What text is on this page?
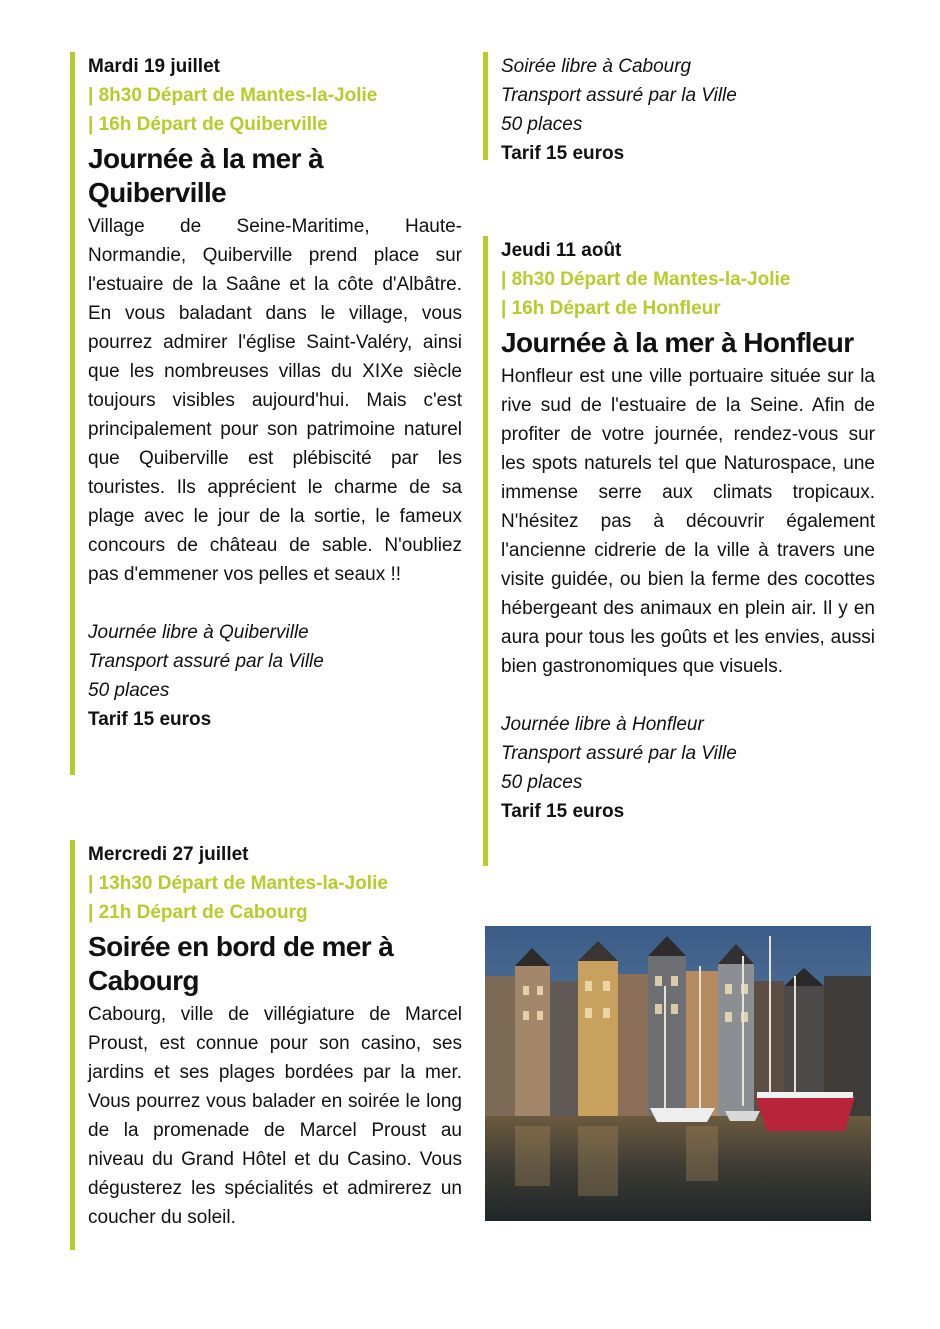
Mardi 19 juillet
| 8h30 Départ de Mantes-la-Jolie
| 16h Départ de Quiberville
Journée à la mer à
Quiberville
Village de Seine-Maritime, Haute-Normandie, Quiberville prend place sur l'estuaire de la Saâne et la côte d'Albâtre. En vous baladant dans le village, vous pourrez admirer l'église Saint-Valéry, ainsi que les nombreuses villas du XIXe siècle toujours visibles aujourd'hui. Mais c'est principalement pour son patrimoine naturel que Quiberville est plébiscité par les touristes. Ils apprécient le charme de sa plage avec le jour de la sortie, le fameux concours de château de sable. N'oubliez pas d'emmener vos pelles et seaux !!
Journée libre à Quiberville
Transport assuré par la Ville
50 places
Tarif 15 euros
Mercredi 27 juillet
| 13h30 Départ de Mantes-la-Jolie
| 21h Départ de Cabourg
Soirée en bord de mer à
Cabourg
Cabourg, ville de villégiature de Marcel Proust, est connue pour son casino, ses jardins et ses plages bordées par la mer. Vous pourrez vous balader en soirée le long de la promenade de Marcel Proust au niveau du Grand Hôtel et du Casino. Vous dégusterez les spécialités et admirerez un coucher du soleil.
Soirée libre à Cabourg
Transport assuré par la Ville
50 places
Tarif 15 euros
Jeudi 11 août
| 8h30 Départ de Mantes-la-Jolie
| 16h Départ de Honfleur
Journée à la mer à Honfleur
Honfleur est une ville portuaire située sur la rive sud de l'estuaire de la Seine. Afin de profiter de votre journée, rendez-vous sur les spots naturels tel que Naturospace, une immense serre aux climats tropicaux. N'hésitez pas à découvrir également l'ancienne cidrerie de la ville à travers une visite guidée, ou bien la ferme des cocottes hébergeant des animaux en plein air. Il y en aura pour tous les goûts et les envies, aussi bien gastronomiques que visuels.
Journée libre à Honfleur
Transport assuré par la Ville
50 places
Tarif 15 euros
